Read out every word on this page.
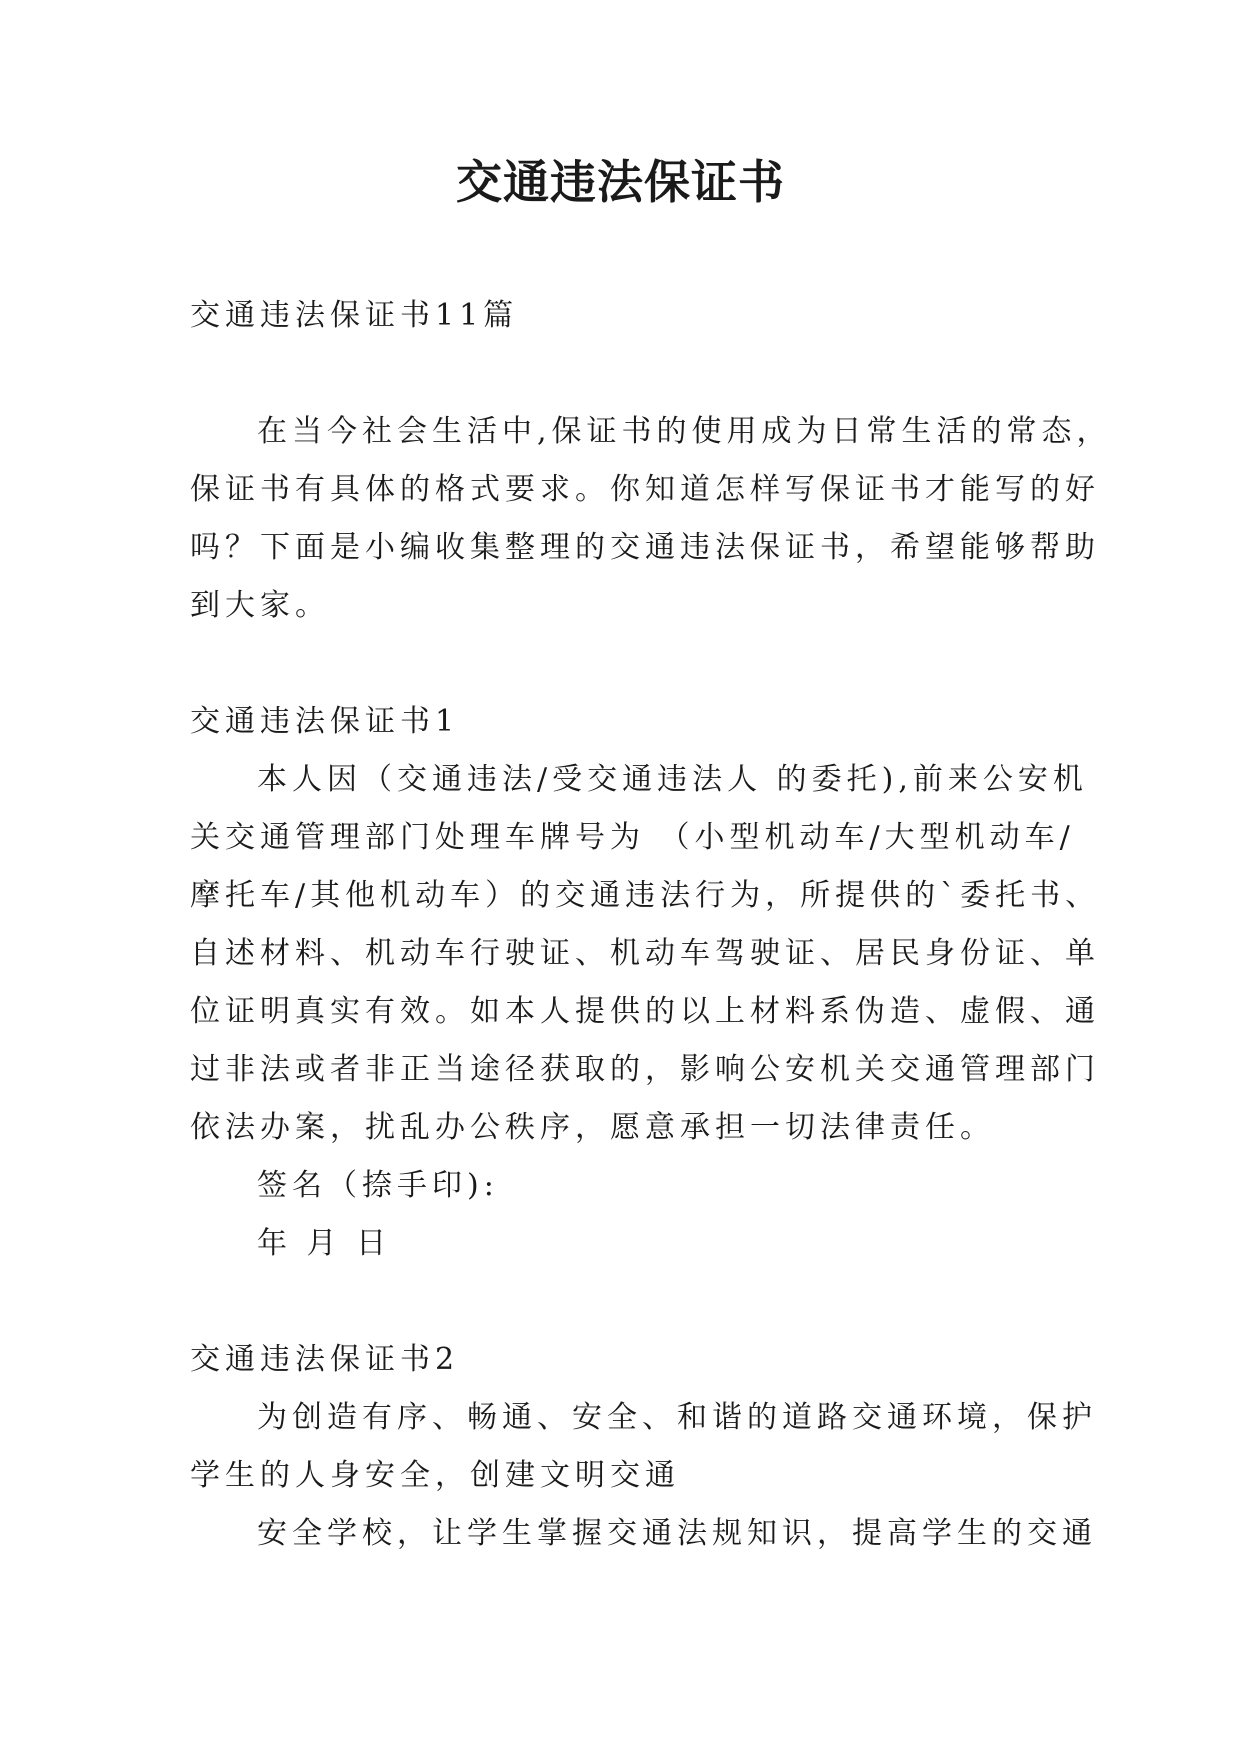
交通违法保证书
交通违法保证书11篇
在当今社会生活中,保证书的使用成为日常生活的常态，
保证书有具体的格式要求。你知道怎样写保证书才能写的好
吗？下面是小编收集整理的交通违法保证书，希望能够帮助
到大家。
交通违法保证书1
本人因（交通违法/受交通违法人 的委托),前来公安机
关交通管理部门处理车牌号为 （小型机动车/大型机动车/
摩托车/其他机动车）的交通违法行为，所提供的`委托书、
自述材料、机动车行驶证、机动车驾驶证、居民身份证、单
位证明真实有效。如本人提供的以上材料系伪造、虚假、通
过非法或者非正当途径获取的，影响公安机关交通管理部门
依法办案，扰乱办公秩序，愿意承担一切法律责任。
签名（捺手印):
年 月 日
交通违法保证书2
为创造有序、畅通、安全、和谐的道路交通环境，保护
学生的人身安全，创建文明交通
安全学校，让学生掌握交通法规知识，提高学生的交通
